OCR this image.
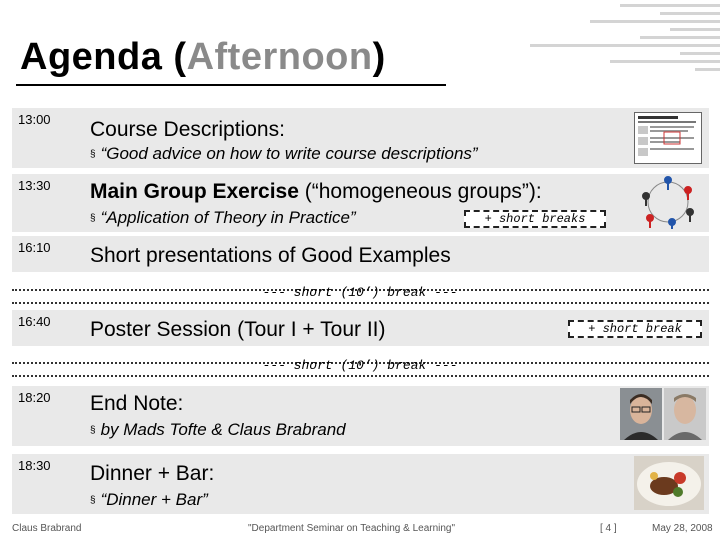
Agenda (Afternoon)
13:00 Course Descriptions:
§ “Good advice on how to write course descriptions”
13:30 Main Group Exercise (“homogeneous groups”):
§ “Application of Theory in Practice”	+ short breaks
16:10 Short presentations of Good Examples
--- short (10’) break ---
16:40 Poster Session (Tour I + Tour II)	+ short break
--- short (10’) break ---
18:20 End Note:
§ by Mads Tofte & Claus Brabrand
18:30 Dinner + Bar:
§ “Dinner + Bar”
Claus Brabrand	"Department Seminar on Teaching & Learning"	[ 4 ]	May 28, 2008
